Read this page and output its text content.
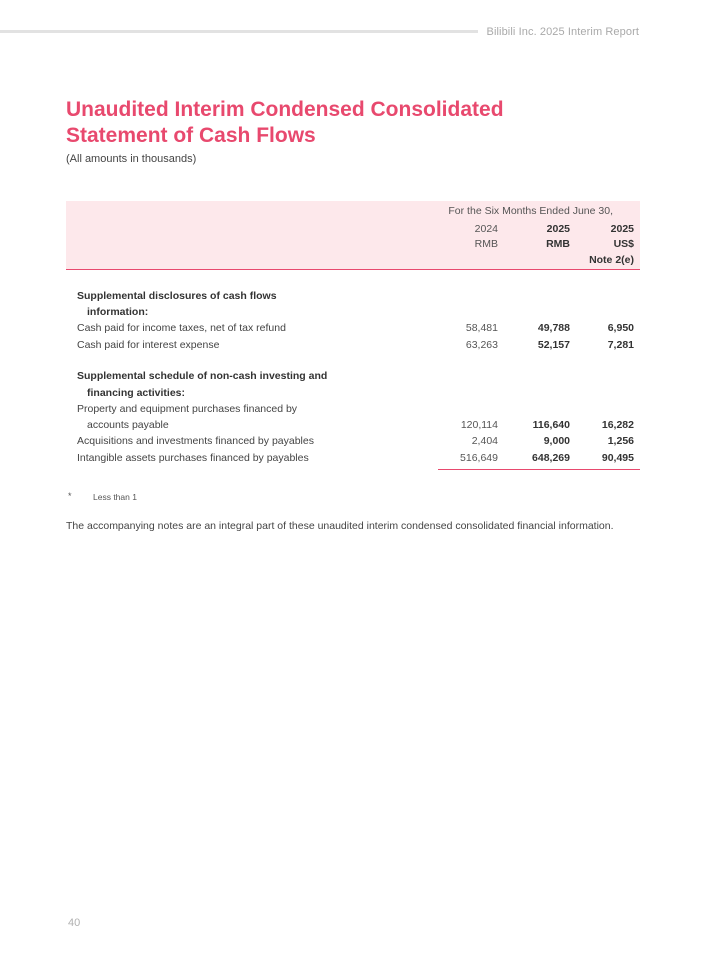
Bilibili Inc. 2025 Interim Report
Unaudited Interim Condensed Consolidated
Statement of Cash Flows
(All amounts in thousands)
For the Six Months Ended June 30,
2024	2025	2025
RMB	RMB	US$
Note 2(e)
Supplemental disclosures of cash flows
information:
Cash paid for income taxes, net of tax refund	58,481	49,788	6,950
Cash paid for interest expense	63,263	52,157	7,281
Supplemental schedule of non-cash investing and
financing activities:
Property and equipment purchases financed by
accounts payable	120,114	116,640	16,282
Acquisitions and investments financed by payables	2,404	9,000	1,256
Intangible assets purchases financed by payables	516,649	648,269	90,495
*	Less than 1
The accompanying notes are an integral part of these unaudited interim condensed consolidated financial information.
40
